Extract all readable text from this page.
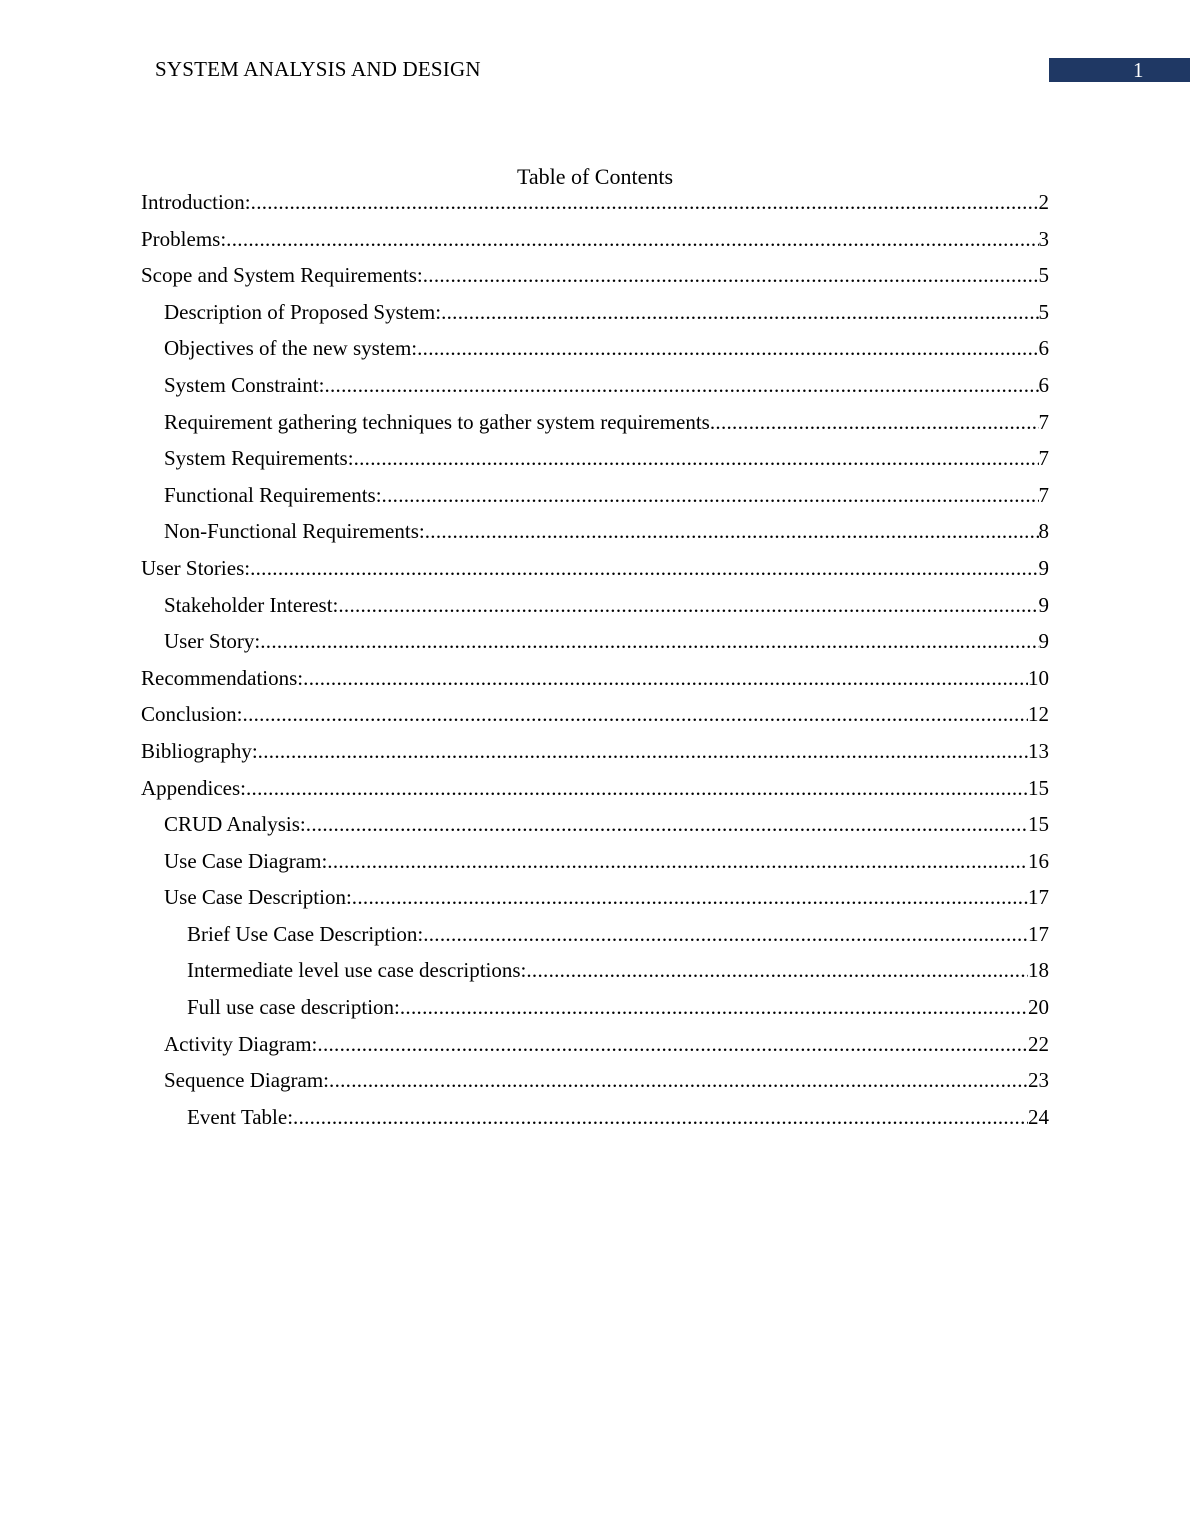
SYSTEM ANALYSIS AND DESIGN	1
Table of Contents
Introduction: .....	2
Problems: .....	3
Scope and System Requirements: .....	5
Description of Proposed System: .....	5
Objectives of the new system: .....	6
System Constraint: .....	6
Requirement gathering techniques to gather system requirements .....	7
System Requirements: .....	7
Functional Requirements: .....	7
Non-Functional Requirements: .....	8
User Stories: .....	9
Stakeholder Interest: .....	9
User Story: .....	9
Recommendations: .....	10
Conclusion: .....	12
Bibliography: .....	13
Appendices: .....	15
CRUD Analysis: .....	15
Use Case Diagram: .....	16
Use Case Description: .....	17
Brief Use Case Description: .....	17
Intermediate level use case descriptions: .....	18
Full use case description: .....	20
Activity Diagram: .....	22
Sequence Diagram: .....	23
Event Table: .....	24
